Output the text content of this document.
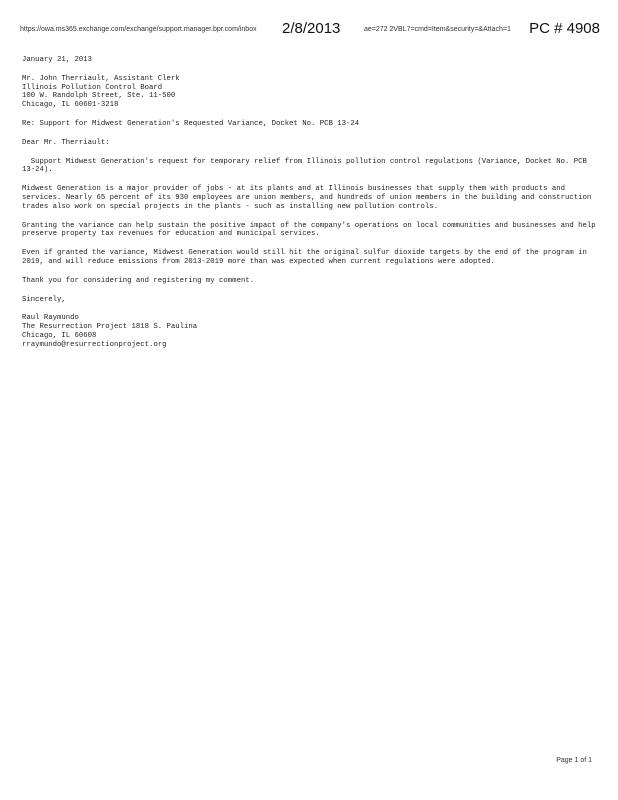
https://owa.ms365.exchange.com/exchange/support.manager.bpr.com/inbox 2/8/2013	ae=272 2VBL7=cmd=Item&security=&Attach=1 PC # 4908

January 21, 2013

Mr. John Therriault, Assistant Clerk
Illinois Pollution Control Board
100 W. Randolph Street, Ste. 11-500
Chicago, IL 60601-3218

Re: Support for Midwest Generation's Requested Variance, Docket No. PCB 13-24

Dear Mr. Therriault:

Support Midwest Generation's request for temporary relief from Illinois pollution control regulations (Variance, Docket No. PCB 13-24).

Midwest Generation is a major provider of jobs - at its plants and at Illinois businesses that supply them with products and services. Nearly 65 percent of its 930 employees are union members, and hundreds of union members in the building and construction trades also work on special projects in the plants - such as installing new pollution controls.

Granting the variance can help sustain the positive impact of the company's operations on local communities and businesses and help preserve property tax revenues for education and municipal services.

Even if granted the variance, Midwest Generation would still hit the original sulfur dioxide targets by the end of the program in 2019, and will reduce emissions from 2013-2019 more than was expected when current regulations were adopted.

Thank you for considering and registering my comment.

Sincerely,

Raul Raymundo
The Resurrection Project 1818 S. Paulina
Chicago, IL 60608
rraymundo@resurrectionproject.org
Page 1 of 1
